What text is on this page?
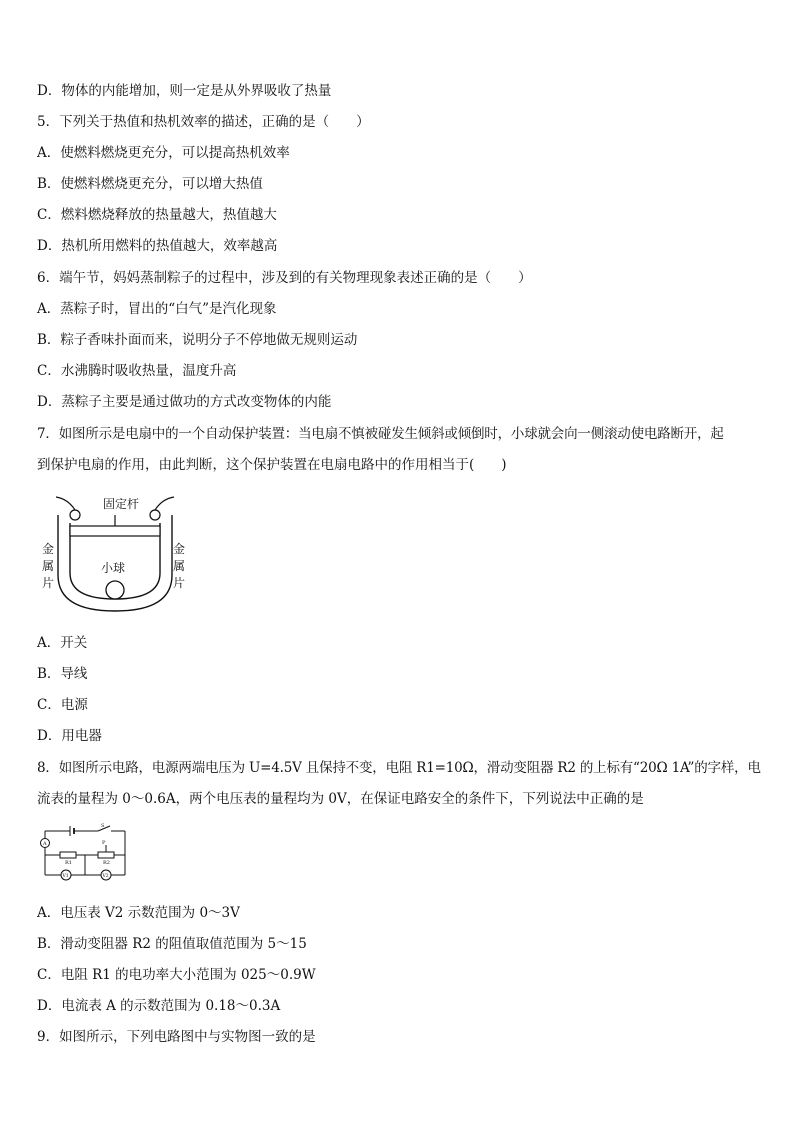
D．物体的内能增加，则一定是从外界吸收了热量
5．下列关于热值和热机效率的描述，正确的是（　　）
A．使燃料燃烧更充分，可以提高热机效率
B．使燃料燃烧更充分，可以增大热值
C．燃料燃烧释放的热量越大，热值越大
D．热机所用燃料的热值越大，效率越高
6．端午节，妈妈蒸制粽子的过程中，涉及到的有关物理现象表述正确的是（　　）
A．蒸粽子时，冒出的“白气”是汽化现象
B．粽子香味扑面而来，说明分子不停地做无规则运动
C．水沸腾时吸收热量，温度升高
D．蒸粽子主要是通过做功的方式改变物体的内能
7．如图所示是电扇中的一个自动保护装置：当电扇不慎被碰发生倾斜或倾倒时，小球就会向一侧滚动使电路断开，起
到保护电扇的作用，由此判断，这个保护装置在电扇电路中的作用相当于(　　)
固定杆
小球
金
属
片
金
属
片
A．开关
B．导线
C．电源
D．用电器
8．如图所示电路，电源两端电压为 U=4.5V 且保持不变，电阻 R1=10Ω，滑动变阻器 R2 的上标有“20Ω 1A”的字样，电
流表的量程为 0～0.6A，两个电压表的量程均为 0V，在保证电路安全的条件下，下列说法中正确的是
S
A
R1
P
R2
V1	V2
A．电压表 V2 示数范围为 0～3V
B．滑动变阻器 R2 的阻值取值范围为 5～15
C．电阻 R1 的电功率大小范围为 025～0.9W
D．电流表 A 的示数范围为 0.18～0.3A
9．如图所示，下列电路图中与实物图一致的是
